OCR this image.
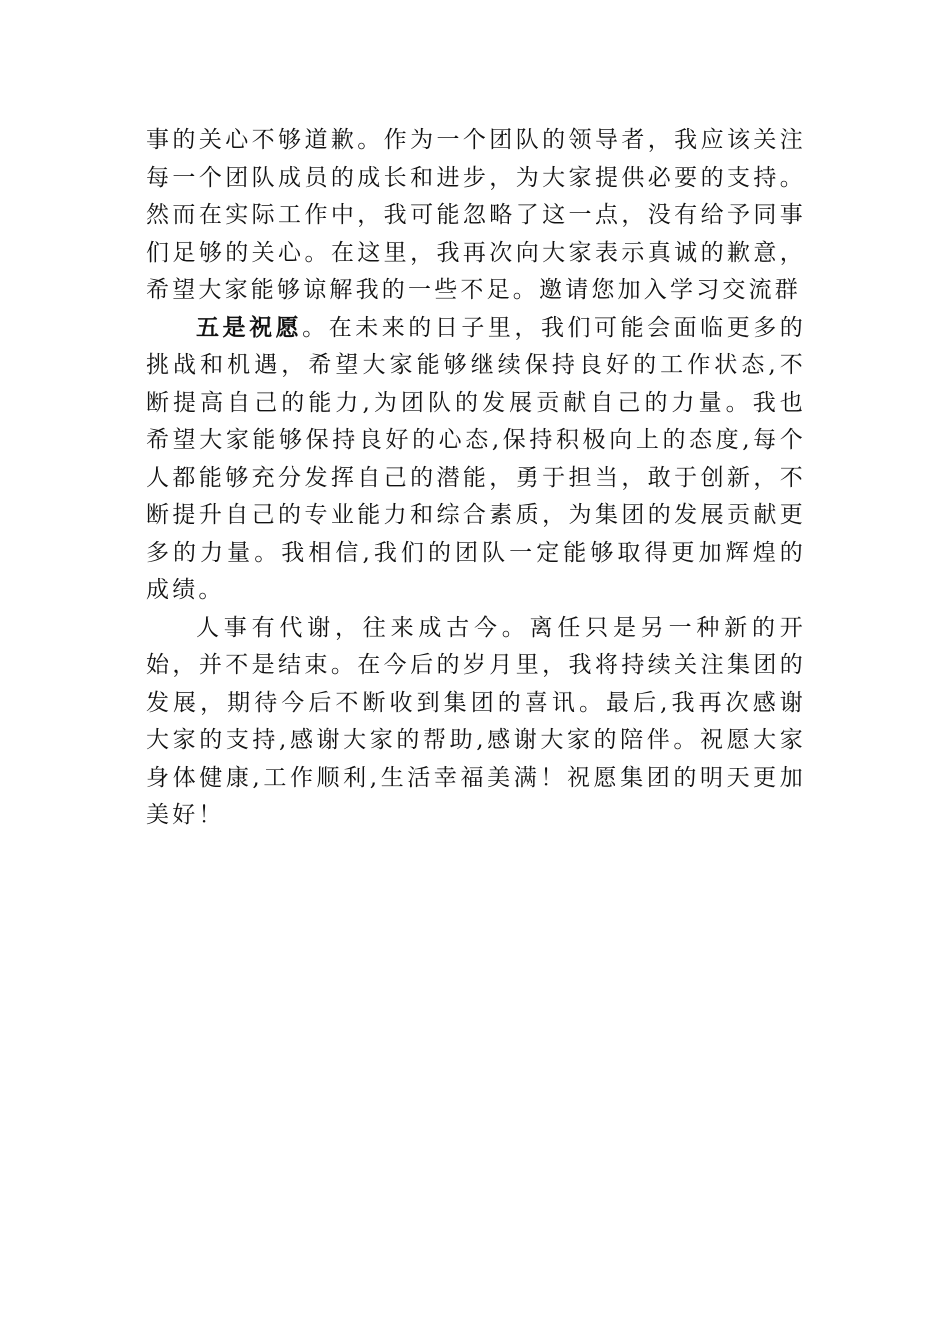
事的关心不够道歉。作为一个团队的领导者，我应该关注每一个团队成员的成长和进步，为大家提供必要的支持。然而在实际工作中，我可能忽略了这一点，没有给予同事们足够的关心。在这里，我再次向大家表示真诚的歉意，希望大家能够谅解我的一些不足。邀请您加入学习交流群

五是祝愿。在未来的日子里，我们可能会面临更多的挑战和机遇，希望大家能够继续保持良好的工作状态,不断提高自己的能力,为团队的发展贡献自己的力量。我也希望大家能够保持良好的心态,保持积极向上的态度,每个人都能够充分发挥自己的潜能，勇于担当，敢于创新，不断提升自己的专业能力和综合素质，为集团的发展贡献更多的力量。我相信,我们的团队一定能够取得更加辉煌的成绩。

人事有代谢，往来成古今。离任只是另一种新的开始，并不是结束。在今后的岁月里，我将持续关注集团的发展，期待今后不断收到集团的喜讯。最后,我再次感谢大家的支持,感谢大家的帮助,感谢大家的陪伴。祝愿大家身体健康,工作顺利,生活幸福美满！祝愿集团的明天更加美好！
